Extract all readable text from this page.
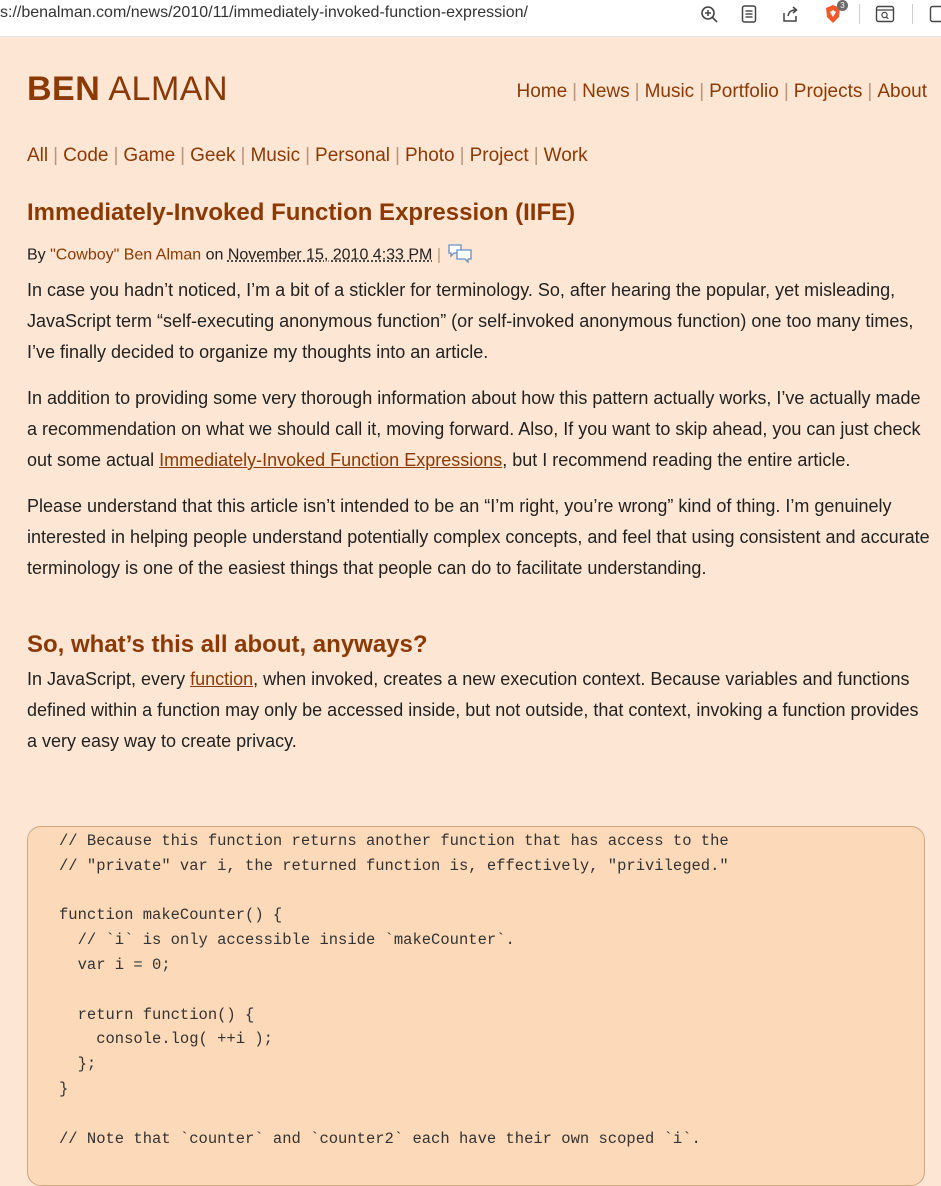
s://benalman.com/news/2010/11/immediately-invoked-function-expression/	3
BEN ALMAN	Home | News | Music | Portfolio | Projects | About
All | Code | Game | Geek | Music | Personal | Photo | Project | Work
Immediately-Invoked Function Expression (IIFE)
By "Cowboy" Ben Alman on November 15, 2010 4:33 PM |

In case you hadn’t noticed, I’m a bit of a stickler for terminology. So, after hearing the popular, yet misleading, JavaScript term “self-executing anonymous function” (or self-invoked anonymous function) one too many times, I’ve finally decided to organize my thoughts into an article.

In addition to providing some very thorough information about how this pattern actually works, I’ve actually made a recommendation on what we should call it, moving forward. Also, If you want to skip ahead, you can just check out some actual Immediately-Invoked Function Expressions, but I recommend reading the entire article.

Please understand that this article isn’t intended to be an “I’m right, you’re wrong” kind of thing. I’m genuinely interested in helping people understand potentially complex concepts, and feel that using consistent and accurate terminology is one of the easiest things that people can do to facilitate understanding.

So, what’s this all about, anyways?

In JavaScript, every function, when invoked, creates a new execution context. Because variables and functions defined within a function may only be accessed inside, but not outside, that context, invoking a function provides a very easy way to create privacy.

// Because this function returns another function that has access to the
// "private" var i, the returned function is, effectively, "privileged."

function makeCounter() {
// `i` is only accessible inside `makeCounter`.
var i = 0;

return function() {
console.log( ++i );
};
}

// Note that `counter` and `counter2` each have their own scoped `i`.
